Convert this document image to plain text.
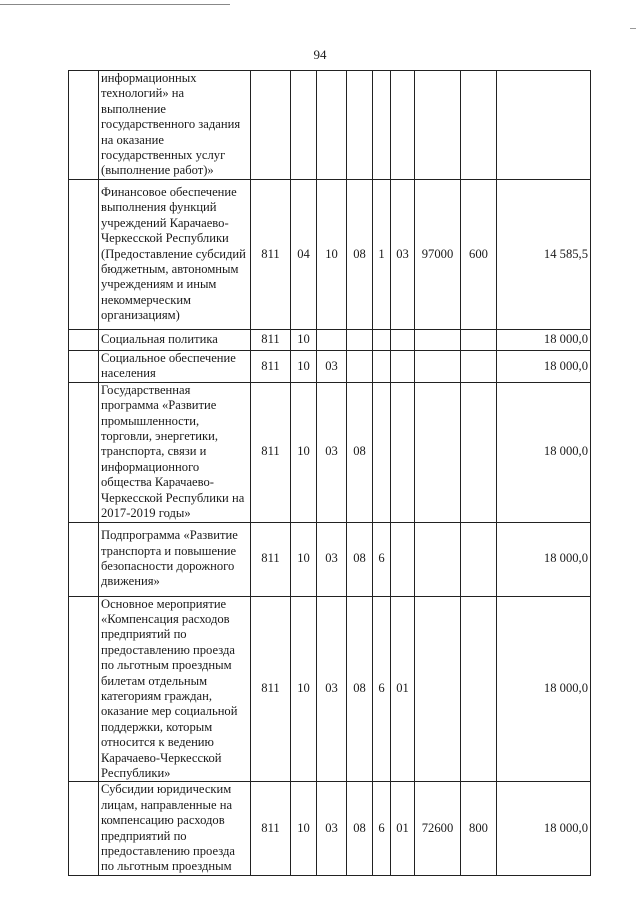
94
	информационных технологий» на выполнение государственного задания на оказание государственных услуг (выполнение работ)»									
	Финансовое обеспечение выполнения функций учреждений Карачаево-Черкесской Республики (Предоставление субсидий бюджетным, автономным учреждениям и иным некоммерческим организациям)	811	04	10	08	1	03	97000	600	14 585,5
	Социальная политика	811	10							18 000,0
	Социальное обеспечение населения	811	10	03						18 000,0
	Государственная программа «Развитие промышленности, торговли, энергетики, транспорта, связи и информационного общества Карачаево-Черкесской Республики на 2017-2019 годы»	811	10	03	08					18 000,0
	Подпрограмма «Развитие транспорта и повышение безопасности дорожного движения»	811	10	03	08	6				18 000,0
	Основное мероприятие «Компенсация расходов предприятий по предоставлению проезда по льготным проездным билетам отдельным категориям граждан, оказание мер социальной поддержки, которым относится к ведению Карачаево-Черкесской Республики»	811	10	03	08	6	01			18 000,0
	Субсидии юридическим лицам, направленные на компенсацию расходов предприятий по предоставлению проезда по льготным проездным	811	10	03	08	6	01	72600	800	18 000,0
